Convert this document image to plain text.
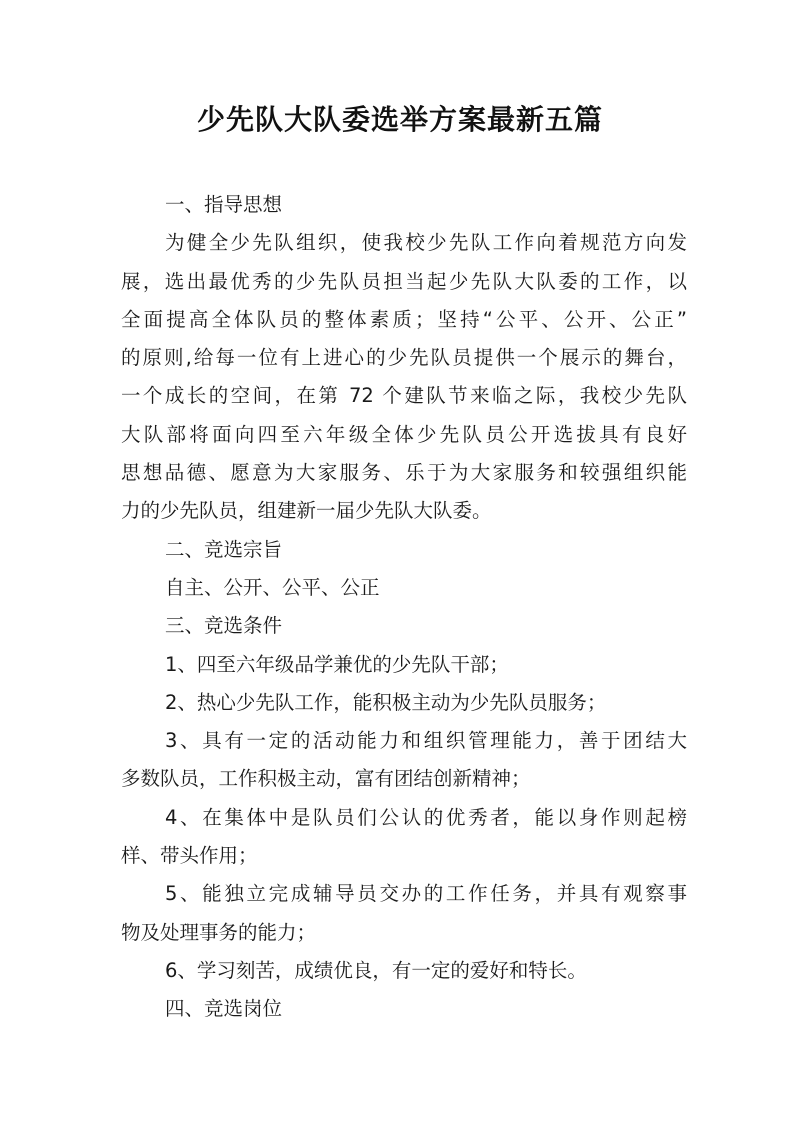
少先队大队委选举方案最新五篇
一、指导思想
为健全少先队组织，使我校少先队工作向着规范方向发
展，选出最优秀的少先队员担当起少先队大队委的工作，以
全面提高全体队员的整体素质；坚持“公平、公开、公正”
的原则,给每一位有上进心的少先队员提供一个展示的舞台，
一个成长的空间，在第 72 个建队节来临之际，我校少先队
大队部将面向四至六年级全体少先队员公开选拔具有良好
思想品德、愿意为大家服务、乐于为大家服务和较强组织能
力的少先队员，组建新一届少先队大队委。
二、竞选宗旨
自主、公开、公平、公正
三、竞选条件
1、四至六年级品学兼优的少先队干部；
2、热心少先队工作，能积极主动为少先队员服务；
3、具有一定的活动能力和组织管理能力，善于团结大
多数队员，工作积极主动，富有团结创新精神；
4、在集体中是队员们公认的优秀者，能以身作则起榜
样、带头作用；
5、能独立完成辅导员交办的工作任务，并具有观察事
物及处理事务的能力；
6、学习刻苦，成绩优良，有一定的爱好和特长。
四、竞选岗位
